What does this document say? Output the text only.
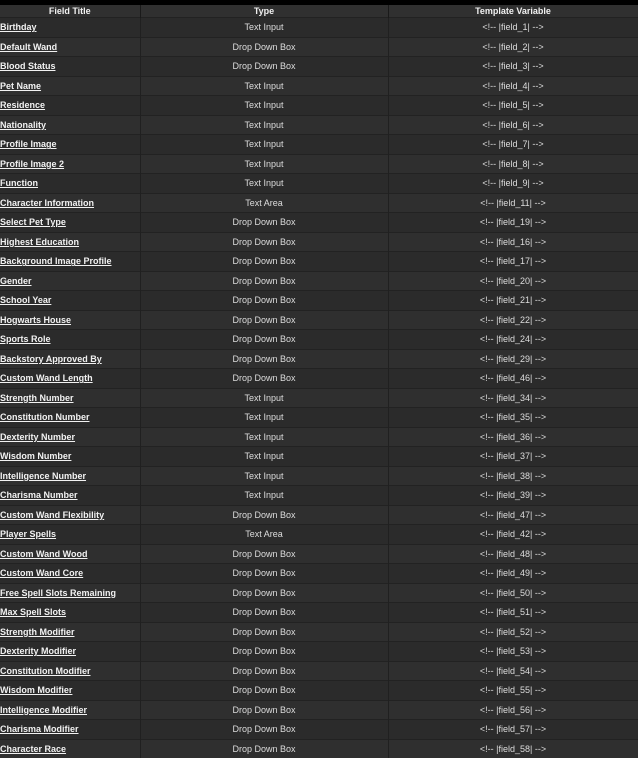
Field Title	Type	Template Variable
Birthday	Text Input	<!-- |field_1| -->
Default Wand	Drop Down Box	<!-- |field_2| -->
Blood Status	Drop Down Box	<!-- |field_3| -->
Pet Name	Text Input	<!-- |field_4| -->
Residence	Text Input	<!-- |field_5| -->
Nationality	Text Input	<!-- |field_6| -->
Profile Image	Text Input	<!-- |field_7| -->
Profile Image 2	Text Input	<!-- |field_8| -->
Function	Text Input	<!-- |field_9| -->
Character Information	Text Area	<!-- |field_11| -->
Select Pet Type	Drop Down Box	<!-- |field_19| -->
Highest Education	Drop Down Box	<!-- |field_16| -->
Background Image Profile	Drop Down Box	<!-- |field_17| -->
Gender	Drop Down Box	<!-- |field_20| -->
School Year	Drop Down Box	<!-- |field_21| -->
Hogwarts House	Drop Down Box	<!-- |field_22| -->
Sports Role	Drop Down Box	<!-- |field_24| -->
Backstory Approved By	Drop Down Box	<!-- |field_29| -->
Custom Wand Length	Drop Down Box	<!-- |field_46| -->
Strength Number	Text Input	<!-- |field_34| -->
Constitution Number	Text Input	<!-- |field_35| -->
Dexterity Number	Text Input	<!-- |field_36| -->
Wisdom Number	Text Input	<!-- |field_37| -->
Intelligence Number	Text Input	<!-- |field_38| -->
Charisma Number	Text Input	<!-- |field_39| -->
Custom Wand Flexibility	Drop Down Box	<!-- |field_47| -->
Player Spells	Text Area	<!-- |field_42| -->
Custom Wand Wood	Drop Down Box	<!-- |field_48| -->
Custom Wand Core	Drop Down Box	<!-- |field_49| -->
Free Spell Slots Remaining	Drop Down Box	<!-- |field_50| -->
Max Spell Slots	Drop Down Box	<!-- |field_51| -->
Strength Modifier	Drop Down Box	<!-- |field_52| -->
Dexterity Modifier	Drop Down Box	<!-- |field_53| -->
Constitution Modifier	Drop Down Box	<!-- |field_54| -->
Wisdom Modifier	Drop Down Box	<!-- |field_55| -->
Intelligence Modifier	Drop Down Box	<!-- |field_56| -->
Charisma Modifier	Drop Down Box	<!-- |field_57| -->
Character Race	Drop Down Box	<!-- |field_58| -->
